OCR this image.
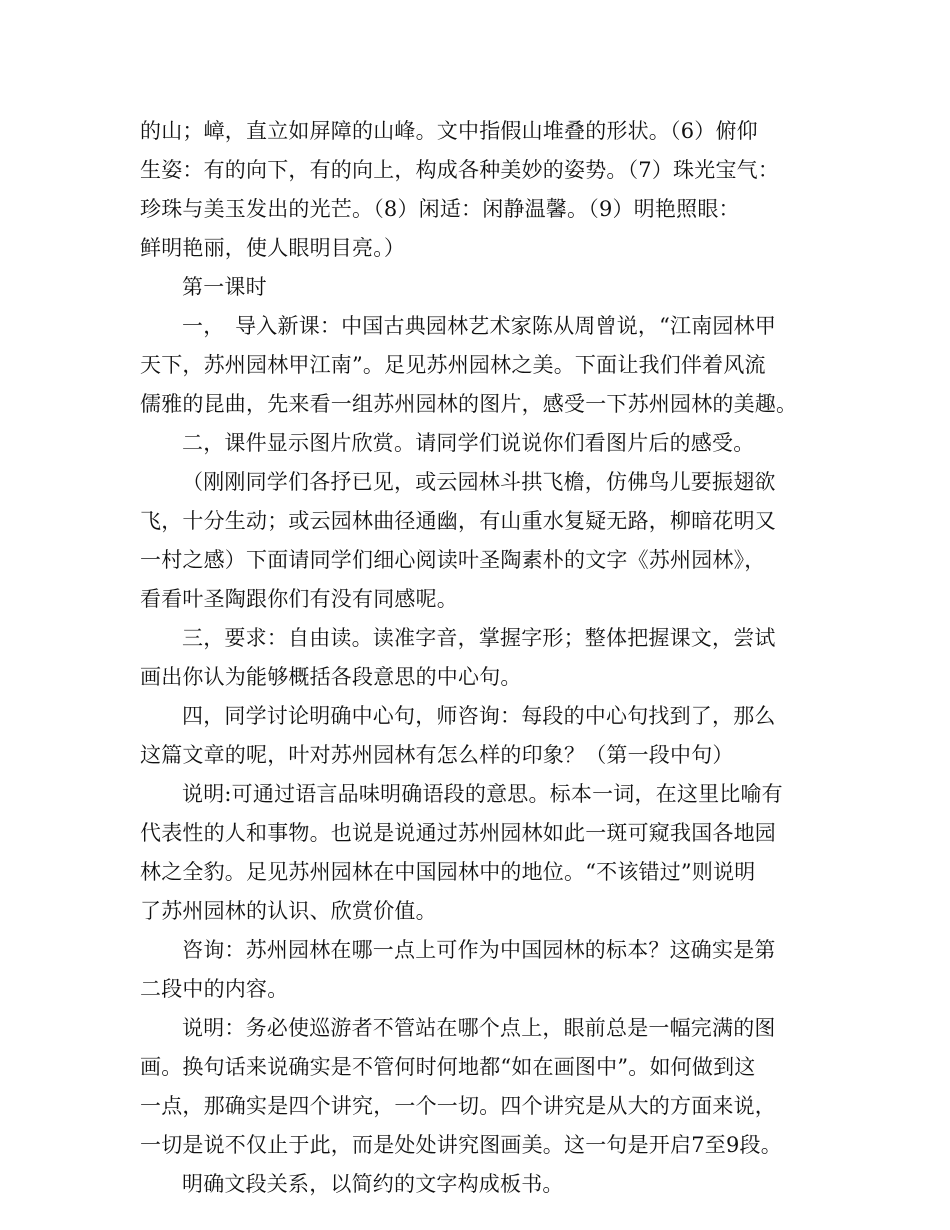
的山；嶂，直立如屏障的山峰。文中指假山堆叠的形状。（6）俯仰
生姿：有的向下，有的向上，构成各种美妙的姿势。（7）珠光宝气：
珍珠与美玉发出的光芒。（8）闲适：闲静温馨。（9）明艳照眼：
鲜明艳丽，使人眼明目亮。）
第一课时
一，　导入新课：中国古典园林艺术家陈从周曾说，“江南园林甲
天下，苏州园林甲江南”。足见苏州园林之美。下面让我们伴着风流
儒雅的昆曲，先来看一组苏州园林的图片，感受一下苏州园林的美趣。
二，课件显示图片欣赏。请同学们说说你们看图片后的感受。
（刚刚同学们各抒已见，或云园林斗拱飞檐，仿佛鸟儿要振翅欲
飞，十分生动；或云园林曲径通幽，有山重水复疑无路，柳暗花明又
一村之感）下面请同学们细心阅读叶圣陶素朴的文字《苏州园林》，
看看叶圣陶跟你们有没有同感呢。
三，要求：自由读。读准字音，掌握字形；整体把握课文，尝试
画出你认为能够概括各段意思的中心句。
四，同学讨论明确中心句，师咨询：每段的中心句找到了，那么
这篇文章的呢，叶对苏州园林有怎么样的印象？（第一段中句）
说明:可通过语言品味明确语段的意思。标本一词，在这里比喻有
代表性的人和事物。也说是说通过苏州园林如此一斑可窥我国各地园
林之全豹。足见苏州园林在中国园林中的地位。“不该错过”则说明
了苏州园林的认识、欣赏价值。
咨询：苏州园林在哪一点上可作为中国园林的标本？这确实是第
二段中的内容。
说明：务必使巡游者不管站在哪个点上，眼前总是一幅完满的图
画。换句话来说确实是不管何时何地都“如在画图中”。如何做到这
一点，那确实是四个讲究，一个一切。四个讲究是从大的方面来说，
一切是说不仅止于此，而是处处讲究图画美。这一句是开启7至9段。
明确文段关系，以简约的文字构成板书。
